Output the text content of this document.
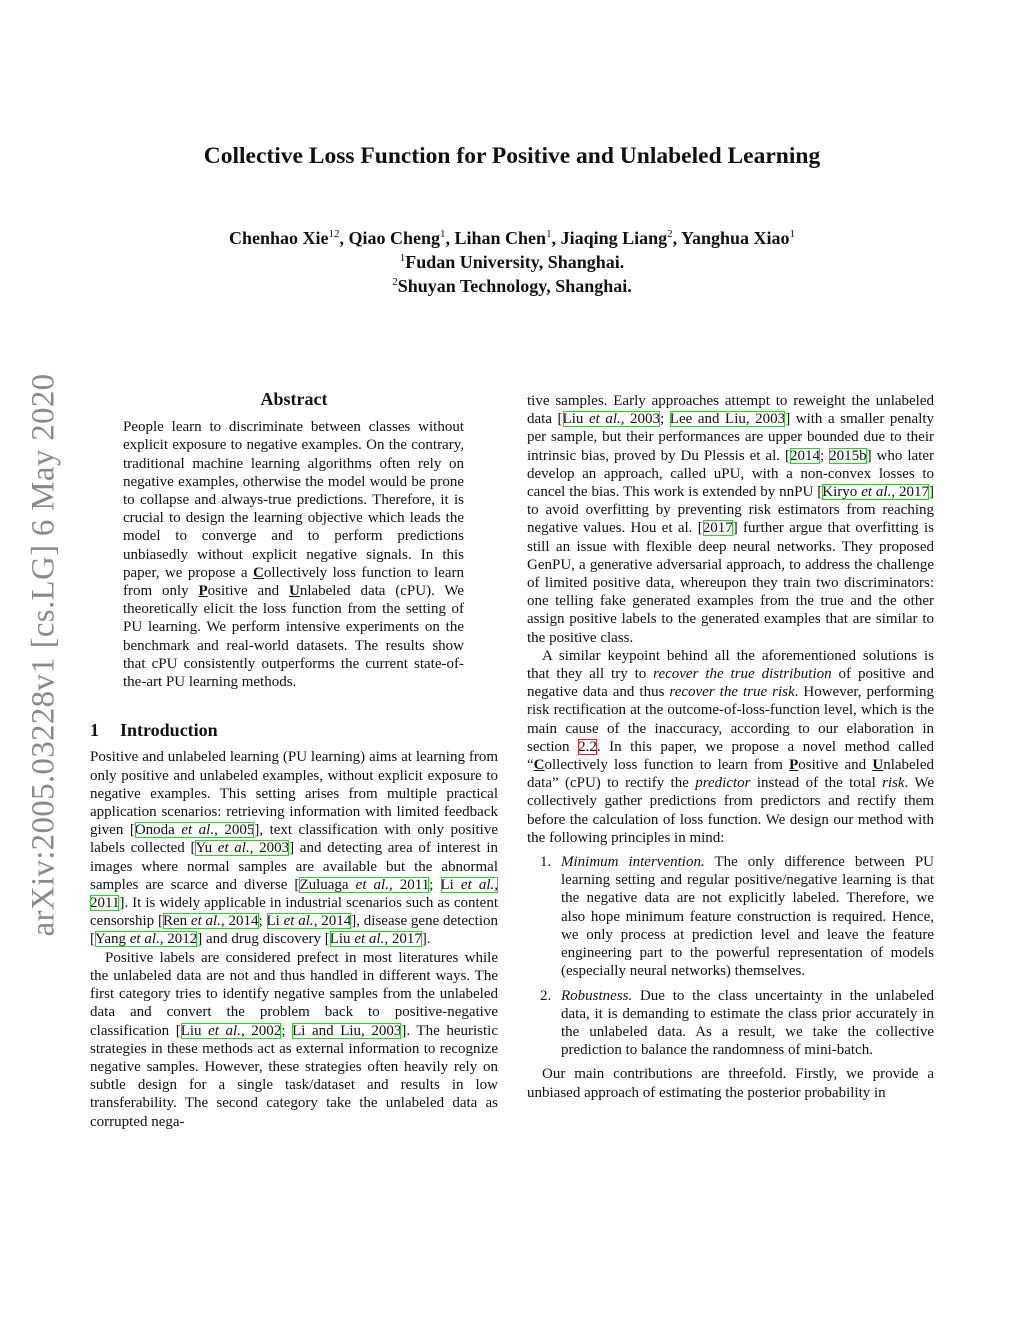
arXiv:2005.03228v1 [cs.LG] 6 May 2020
Collective Loss Function for Positive and Unlabeled Learning
Chenhao Xie$^{12}$, Qiao Cheng$^1$, Lihan Chen$^1$, Jiaqing Liang$^2$, Yanghua Xiao$^1$
$^1$Fudan University, Shanghai.
$^2$Shuyan Technology, Shanghai.
Abstract

People learn to discriminate between classes without explicit exposure to negative examples. On the contrary, traditional machine learning algorithms often rely on negative examples, otherwise the model would be prone to collapse and always-true predictions. Therefore, it is crucial to design the learning objective which leads the model to converge and to perform predictions unbiasedly without explicit negative signals. In this paper, we propose a Collectively loss function to learn from only Positive and Unlabeled data (cPU). We theoretically elicit the loss function from the setting of PU learning. We perform intensive experiments on the benchmark and real-world datasets. The results show that cPU consistently outperforms the current state-of-the-art PU learning methods.

1 Introduction

Positive and unlabeled learning (PU learning) aims at learning from only positive and unlabeled examples, without explicit exposure to negative examples. This setting arises from multiple practical application scenarios: retrieving information with limited feedback given [Onoda et al., 2005], text classification with only positive labels collected [Yu et al., 2003] and detecting area of interest in images where normal samples are available but the abnormal samples are scarce and diverse [Zuluaga et al., 2011; Li et al., 2011]. It is widely applicable in industrial scenarios such as content censorship [Ren et al., 2014; Li et al., 2014], disease gene detection [Yang et al., 2012] and drug discovery [Liu et al., 2017].

Positive labels are considered prefect in most literatures while the unlabeled data are not and thus handled in different ways. The first category tries to identify negative samples from the unlabeled data and convert the problem back to positive-negative classification [Liu et al., 2002; Li and Liu, 2003]. The heuristic strategies in these methods act as external information to recognize negative samples. However, these strategies often heavily rely on subtle design for a single task/dataset and results in low transferability. The second category take the unlabeled data as corrupted nega-

tive samples. Early approaches attempt to reweight the unlabeled data [Liu et al., 2003; Lee and Liu, 2003] with a smaller penalty per sample, but their performances are upper bounded due to their intrinsic bias, proved by Du Plessis et al. [2014; 2015b] who later develop an approach, called uPU, with a non-convex losses to cancel the bias. This work is extended by nnPU [Kiryo et al., 2017] to avoid overfitting by preventing risk estimators from reaching negative values. Hou et al. [2017] further argue that overfitting is still an issue with flexible deep neural networks. They proposed GenPU, a generative adversarial approach, to address the challenge of limited positive data, whereupon they train two discriminators: one telling fake generated examples from the true and the other assign positive labels to the generated examples that are similar to the positive class.

A similar keypoint behind all the aforementioned solutions is that they all try to recover the true distribution of positive and negative data and thus recover the true risk. However, performing risk rectification at the outcome-of-loss-function level, which is the main cause of the inaccuracy, according to our elaboration in section 2.2. In this paper, we propose a novel method called “Collectively loss function to learn from Positive and Unlabeled data” (cPU) to rectify the predictor instead of the total risk. We collectively gather predictions from predictors and rectify them before the calculation of loss function. We design our method with the following principles in mind:

1. Minimum intervention. The only difference between PU learning setting and regular positive/negative learning is that the negative data are not explicitly labeled. Therefore, we also hope minimum feature construction is required. Hence, we only process at prediction level and leave the feature engineering part to the powerful representation of models (especially neural networks) themselves.
2. Robustness. Due to the class uncertainty in the unlabeled data, it is demanding to estimate the class prior accurately in the unlabeled data. As a result, we take the collective prediction to balance the randomness of mini-batch.

Our main contributions are threefold. Firstly, we provide a unbiased approach of estimating the posterior probability in
